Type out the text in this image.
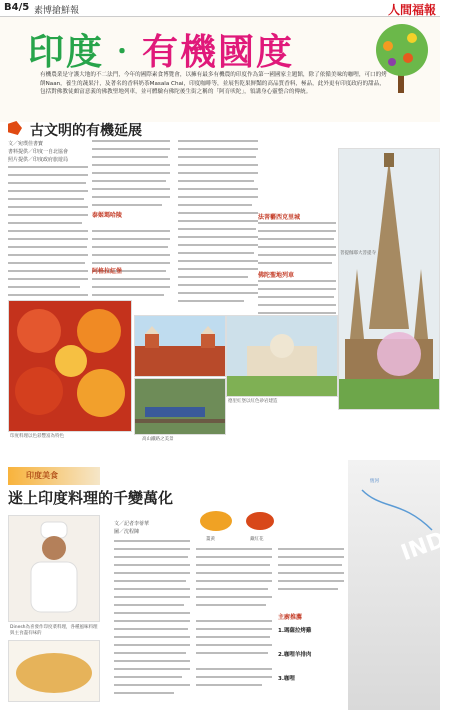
B4/5 素博搶鮮報	人間福報
印度‧有機國度
有機農業是守護大地的不二法門，今年的國際素食博覽會，以擁有最多有機農的印度作為第一國國家主題館，除了依循美味的咖哩，可口的烤餅Naan，養生的蔬果汁，及著名的香料奶茶Masala Chai，印度咖啡等，並展售乾果鮮豔的高品質香料，極品，此外更有印度政府的甜品，包括對佛教徒頗富意義的佛教聖地列車，並可體驗有佛陀後生街之稱的「阿育吠陀」，領講身心靈整合的傳統。
古文明的有機延展
文／宛璞佳書寶
書料提供／印度一自北協會
照片提供／印度政府旅遊局
泰姬瑪哈陵
阿格拉紅堡
法菩藝西克里城
佛陀聖地列車
菩提伽耶大菩提寺
印度料理以色彩豐富為特色
德里紅堡以紅色砂岩建造
高山鐵路之美景
印度美食
迷上印度料理的千變萬化
Dinesh為喜發作印度菜料理，各種風味料理與主食盡有味的
文／記者李蒂華
圖／沈程陳
薑黃	藏紅花
主廚推薦
1.瑪薩拉烤雞
2.咖哩羊排肉
3.咖哩
INDIA
恆河
